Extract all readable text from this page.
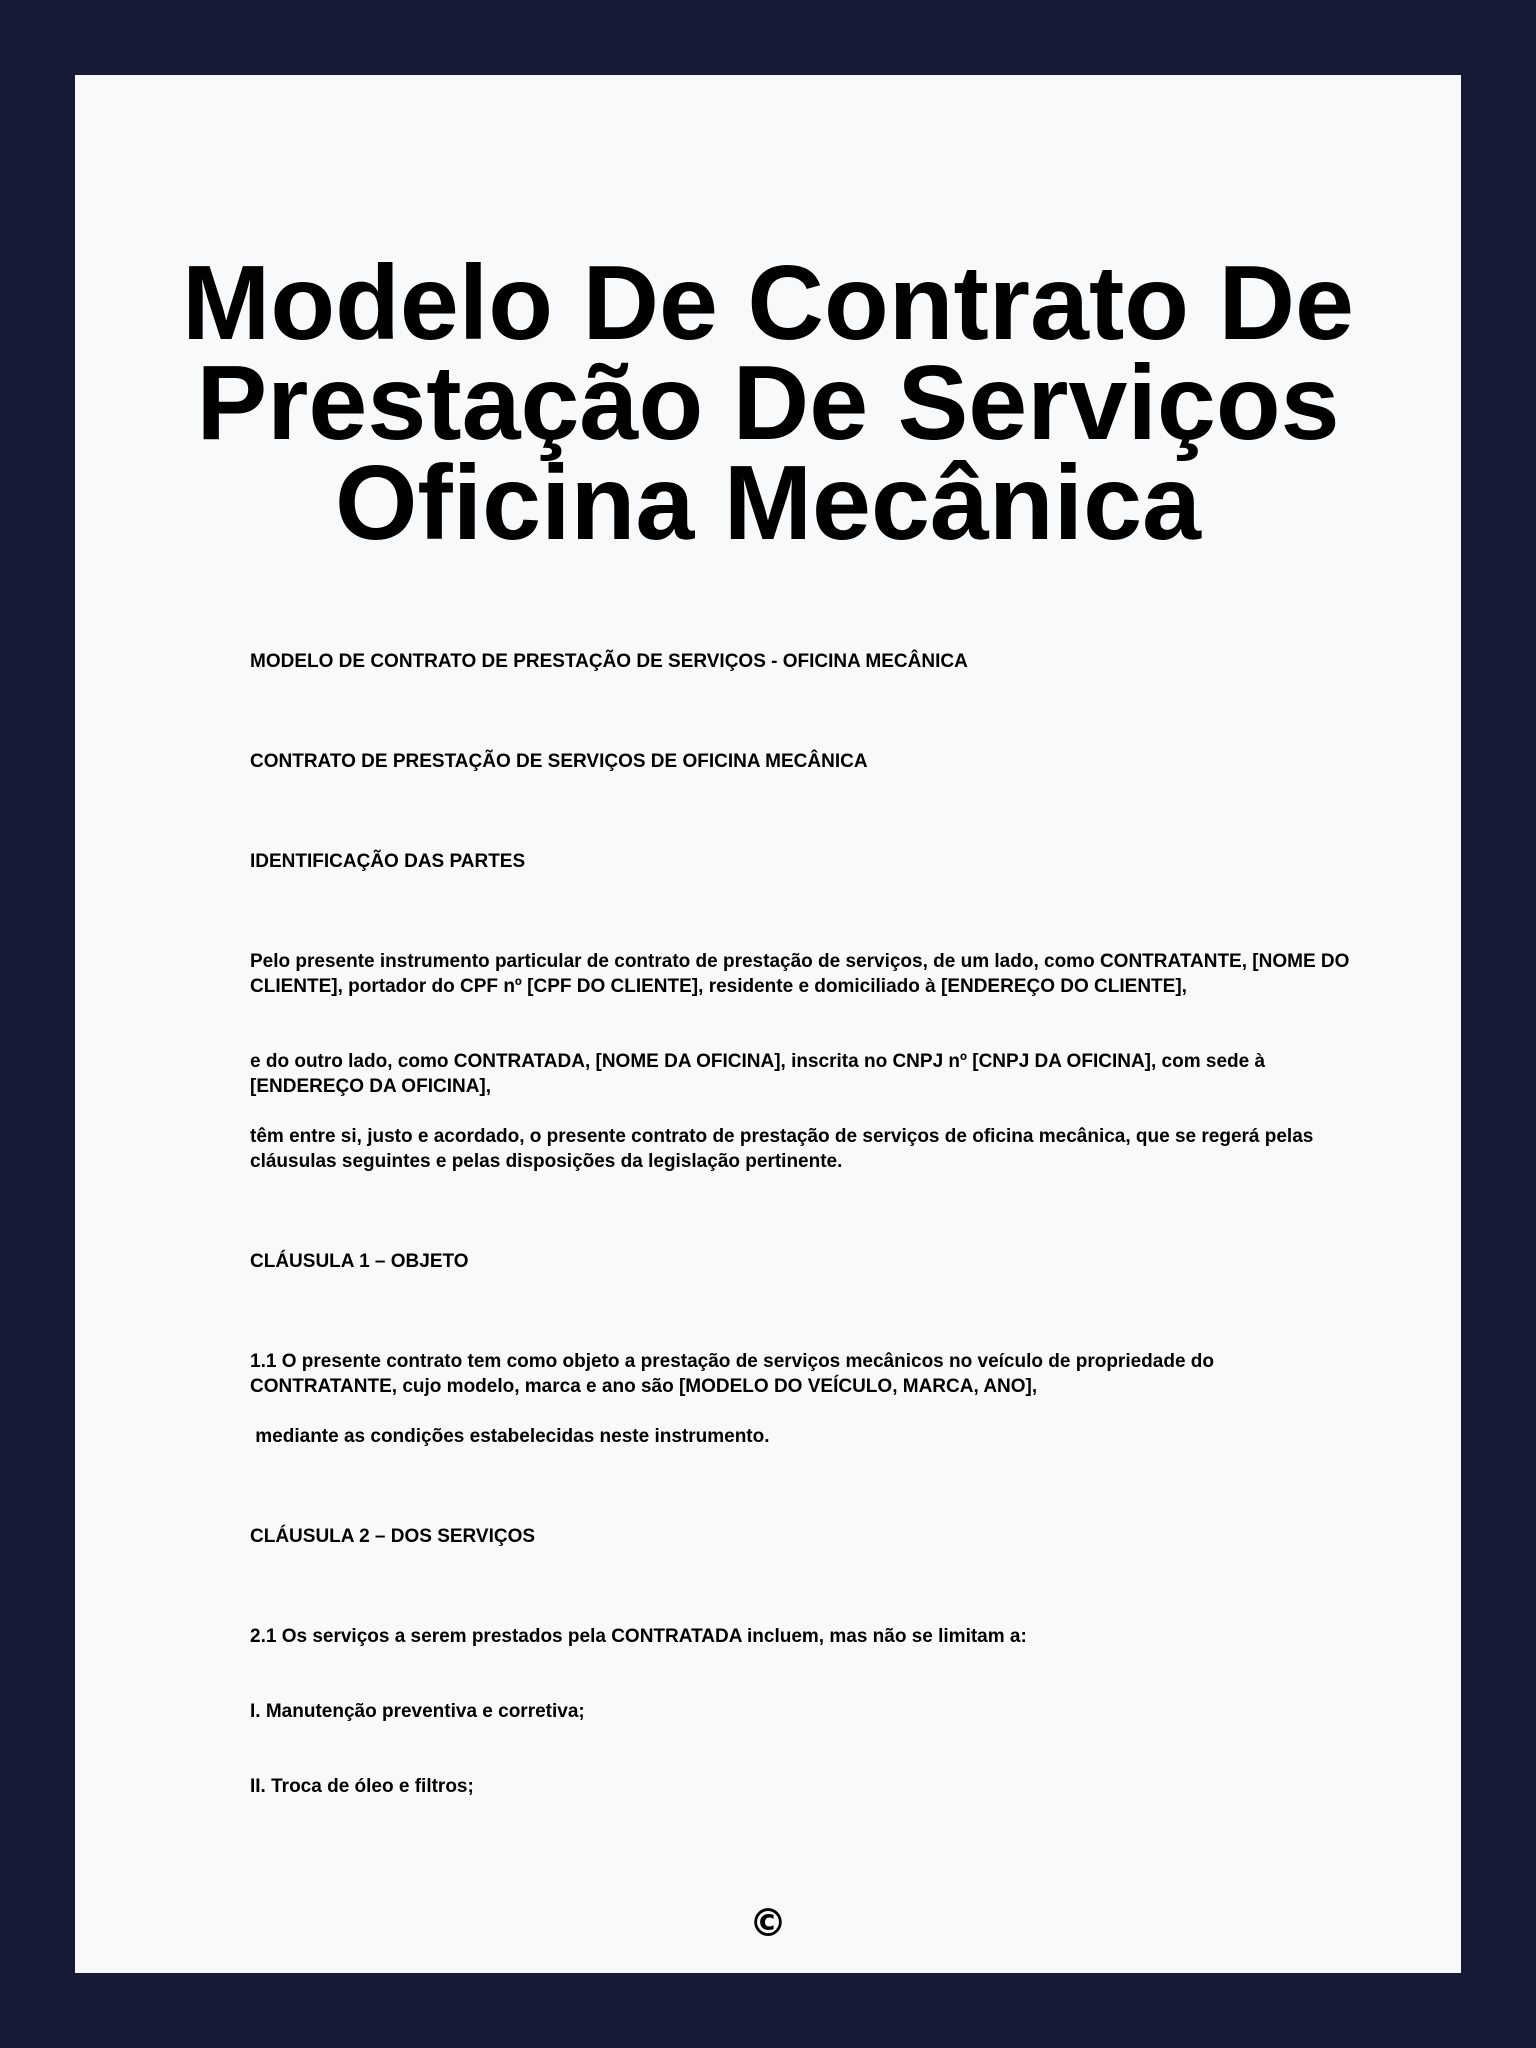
Modelo De Contrato De
Prestação De Serviços
Oficina Mecânica

MODELO DE CONTRATO DE PRESTAÇÃO DE SERVIÇOS - OFICINA MECÂNICA

CONTRATO DE PRESTAÇÃO DE SERVIÇOS DE OFICINA MECÂNICA

IDENTIFICAÇÃO DAS PARTES

Pelo presente instrumento particular de contrato de prestação de serviços, de um lado, como CONTRATANTE, [NOME DO CLIENTE], portador do CPF nº [CPF DO CLIENTE], residente e domiciliado à [ENDEREÇO DO CLIENTE],

e do outro lado, como CONTRATADA, [NOME DA OFICINA], inscrita no CNPJ nº [CNPJ DA OFICINA], com sede à [ENDEREÇO DA OFICINA],

têm entre si, justo e acordado, o presente contrato de prestação de serviços de oficina mecânica, que se regerá pelas cláusulas seguintes e pelas disposições da legislação pertinente.

CLÁUSULA 1 – OBJETO

1.1 O presente contrato tem como objeto a prestação de serviços mecânicos no veículo de propriedade do CONTRATANTE, cujo modelo, marca e ano são [MODELO DO VEÍCULO, MARCA, ANO],

mediante as condições estabelecidas neste instrumento.

CLÁUSULA 2 – DOS SERVIÇOS

2.1 Os serviços a serem prestados pela CONTRATADA incluem, mas não se limitam a:

I. Manutenção preventiva e corretiva;

II. Troca de óleo e filtros;

©
